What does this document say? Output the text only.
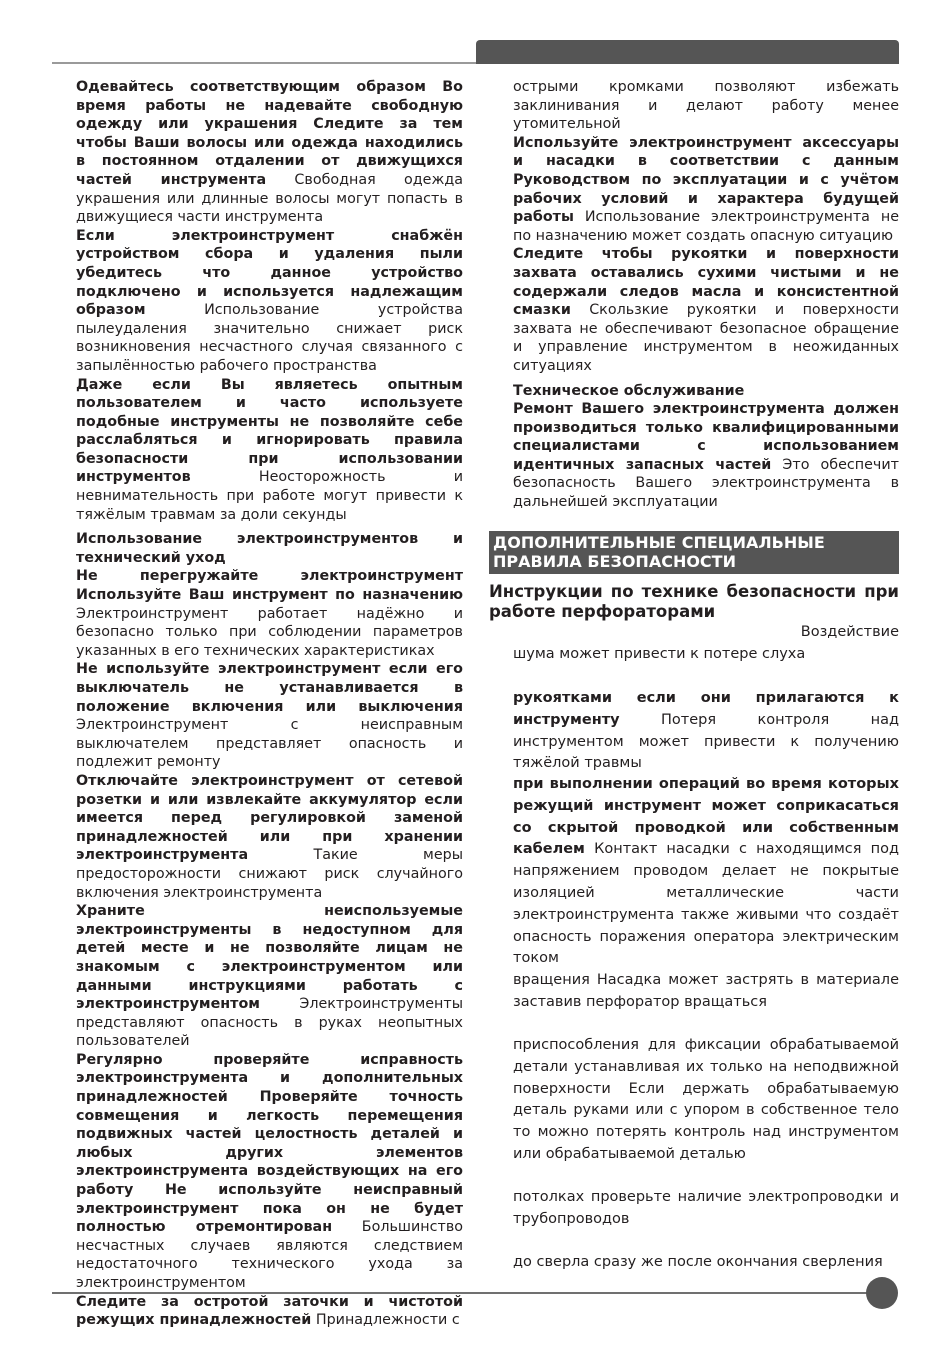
Одевайтесь соответствующим образом Во время работы не надевайте свободную одежду или украшения Следите за тем чтобы Ваши волосы или одежда находились в постоянном отдалении от движущихся частей инструмента Свободная одежда украшения или длинные волосы могут попасть в движущиеся части инструмента

Если электроинструмент снабжён устройством сбора и удаления пыли убедитесь что данное устройство подключено и используется надлежащим образом	Использование устройства пылеудаления значительно снижает риск возникновения несчастного случая связанного с запылённостью рабочего пространства

Даже если Вы являетесь опытным пользователем и часто используете подобные инструменты не позволяйте себе расслабляться и игнорировать правила безопасности при использовании инструментов	Неосторожность и невнимательность при работе могут привести к тяжёлым травмам за доли секунды

Использование электроинструментов и технический уход

Не перегружайте электроинструмент Используйте Ваш инструмент по назначению Электроинструмент работает надёжно и безопасно только при соблюдении параметров указанных в его технических характеристиках

Не используйте электроинструмент если его выключатель не устанавливается в положение включения или выключения Электроинструмент с неисправным выключателем представляет опасность и подлежит ремонту

Отключайте электроинструмент от сетевой розетки и или извлекайте аккумулятор если имеется перед регулировкой заменой принадлежностей или при хранении электроинструмента	Такие меры предосторожности снижают риск случайного включения электроинструмента

Храните неиспользуемые электроинструменты в недоступном для детей месте и не позволяйте лицам не знакомым с электроинструментом или данными инструкциями работать с электроинструментом	Электроинструменты представляют опасность в руках неопытных пользователей

Регулярно проверяйте исправность электроинструмента и дополнительных принадлежностей Проверяйте точность совмещения и легкость перемещения подвижных частей целостность деталей и любых других элементов электроинструмента воздействующих на его работу Не используйте неисправный электроинструмент пока он не будет полностью отремонтирован Большинство несчастных случаев являются следствием недостаточного технического ухода за электроинструментом

Следите за остротой заточки и чистотой режущих принадлежностей Принадлежности с

острыми кромками позволяют избежать заклинивания и делают работу менее утомительной

Используйте электроинструмент аксессуары и насадки в соответствии с данным Руководством по эксплуатации и с учётом рабочих условий и характера будущей работы Использование электроинструмента не по назначению может создать опасную ситуацию

Следите чтобы рукоятки и поверхности захвата оставались сухими чистыми и не содержали следов масла и консистентной смазки Скользкие рукоятки и поверхности захвата не обеспечивают безопасное обращение и управление инструментом в неожиданных ситуациях

Техническое обслуживание

Ремонт Вашего электроинструмента должен производиться только квалифицированными специалистами с использованием идентичных запасных частей Это обеспечит безопасность Вашего электроинструмента в дальнейшей эксплуатации

ДОПОЛНИТЕЛЬНЫЕ СПЕЦИАЛЬНЫЕ ПРАВИЛА БЕЗОПАСНОСТИ
Инструкции по технике безопасности при работе перфораторами

Воздействие

шума может привести к потере слуха

рукоятками если они прилагаются к инструменту	Потеря контроля над инструментом может привести к получению тяжёлой травмы

при выполнении операций во время которых режущий инструмент может соприкасаться со скрытой проводкой или собственным кабелем Контакт насадки с находящимся под напряжением проводом делает не покрытые изоляцией металлические части электроинструмента также живыми что создаёт опасность поражения оператора электрическим током

вращения Насадка может застрять в материале заставив перфоратор вращаться

приспособления для фиксации обрабатываемой детали устанавливая их только на неподвижной поверхности Если держать обрабатываемую деталь руками или с упором в собственное тело то можно потерять контроль над инструментом или обрабатываемой деталью

потолках проверьте наличие электропроводки и трубопроводов

до сверла сразу же после окончания сверления
